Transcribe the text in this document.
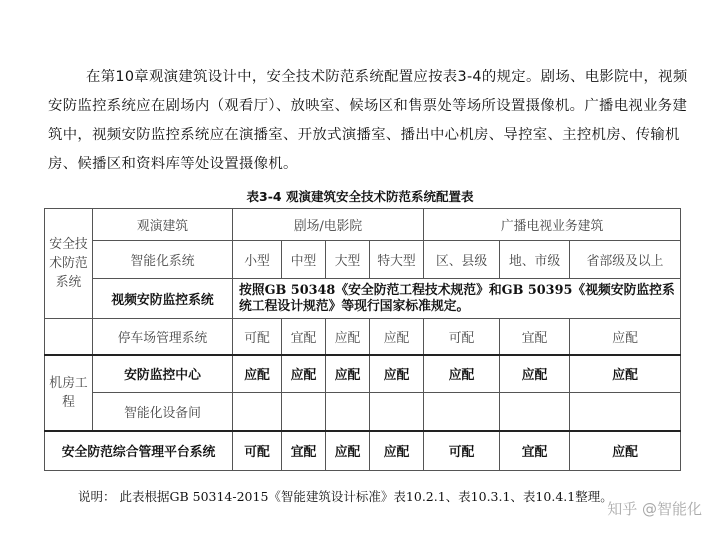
在第10章观演建筑设计中，安全技术防范系统配置应按表3-4的规定。剧场、电影院中，视频安防监控系统应在剧场内（观看厅）、放映室、候场区和售票处等场所设置摄像机。广播电视业务建筑中，视频安防监控系统应在演播室、开放式演播室、播出中心机房、导控室、主控机房、传输机房、候播区和资料库等处设置摄像机。

表3-4 观演建筑安全技术防范系统配置表
安全技术防范系统	观演建筑	剧场/电影院				广播电视业务建筑		
	智能化系统	小型	中型	大型	特大型	区、县级	地、市级	省部级及以上
	视频安防监控系统	按照GB 50348《安全防范工程技术规范》和GB 50395《视频安防监控系统工程设计规范》等现行国家标准规定。						
	停车场管理系统	可配	宜配	应配	应配	可配	宜配	应配
机房工程	安防监控中心	应配	应配	应配	应配	应配	应配	应配
	智能化设备间							
安全防范综合管理平台系统		可配	宜配	应配	应配	可配	宜配	应配
说明： 此表根据GB 50314-2015《智能建筑设计标准》表10.2.1、表10.3.1、表10.4.1整理。
知乎 @智能化
